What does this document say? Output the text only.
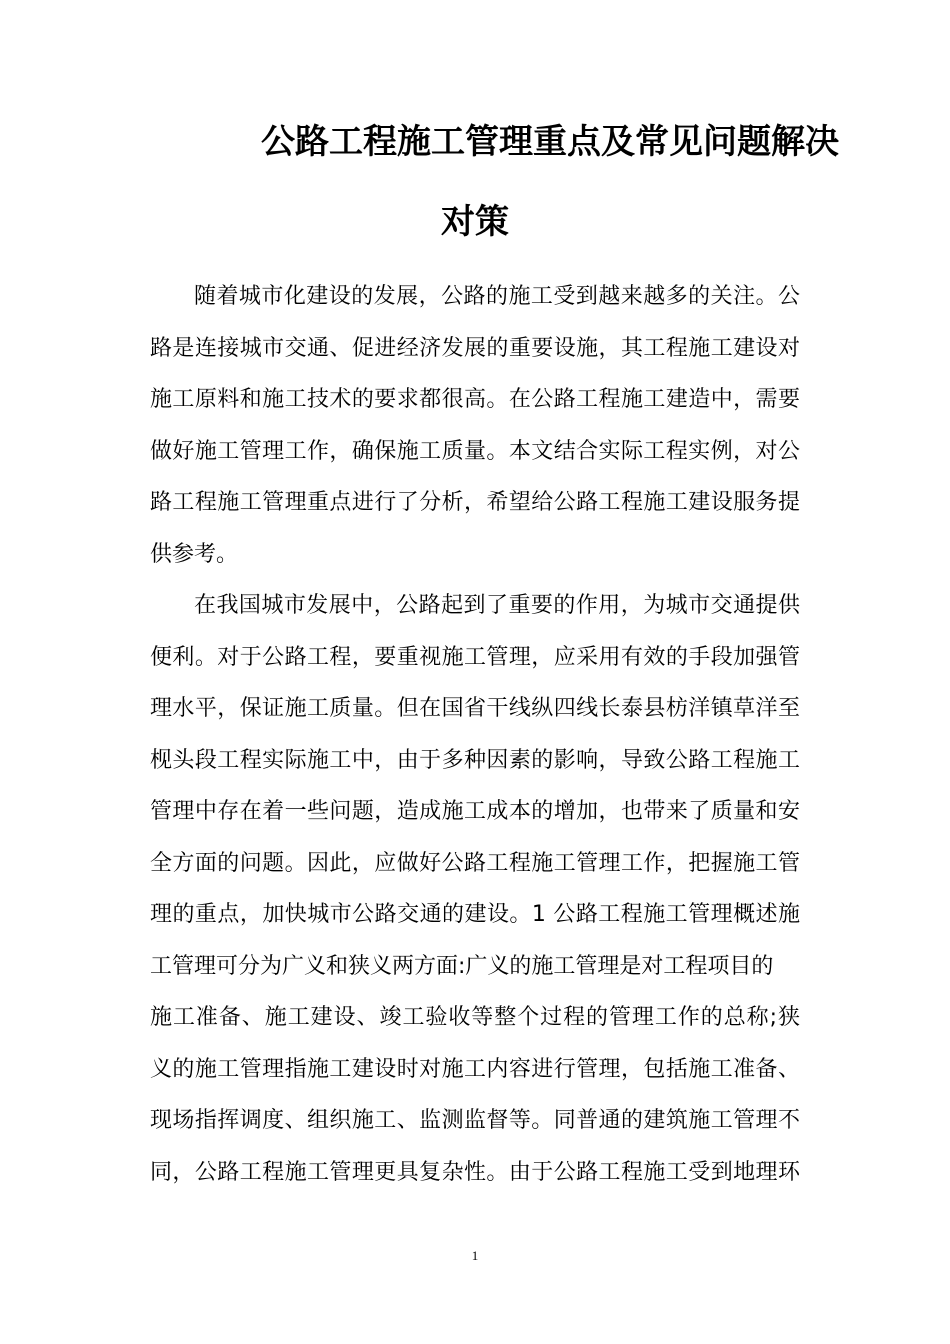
公路工程施工管理重点及常见问题解决
对策
随着城市化建设的发展，公路的施工受到越来越多的关注。公
路是连接城市交通、促进经济发展的重要设施，其工程施工建设对
施工原料和施工技术的要求都很高。在公路工程施工建造中，需要
做好施工管理工作，确保施工质量。本文结合实际工程实例，对公
路工程施工管理重点进行了分析，希望给公路工程施工建设服务提
供参考。
在我国城市发展中，公路起到了重要的作用，为城市交通提供
便利。对于公路工程，要重视施工管理，应采用有效的手段加强管
理水平，保证施工质量。但在国省干线纵四线长泰县枋洋镇草洋至
枧头段工程实际施工中，由于多种因素的影响，导致公路工程施工
管理中存在着一些问题，造成施工成本的增加，也带来了质量和安
全方面的问题。因此，应做好公路工程施工管理工作，把握施工管
理的重点，加快城市公路交通的建设。1 公路工程施工管理概述施
工管理可分为广义和狭义两方面:广义的施工管理是对工程项目的
施工准备、施工建设、竣工验收等整个过程的管理工作的总称;狭
义的施工管理指施工建设时对施工内容进行管理，包括施工准备、
现场指挥调度、组织施工、监测监督等。同普通的建筑施工管理不
同，公路工程施工管理更具复杂性。由于公路工程施工受到地理环
1
